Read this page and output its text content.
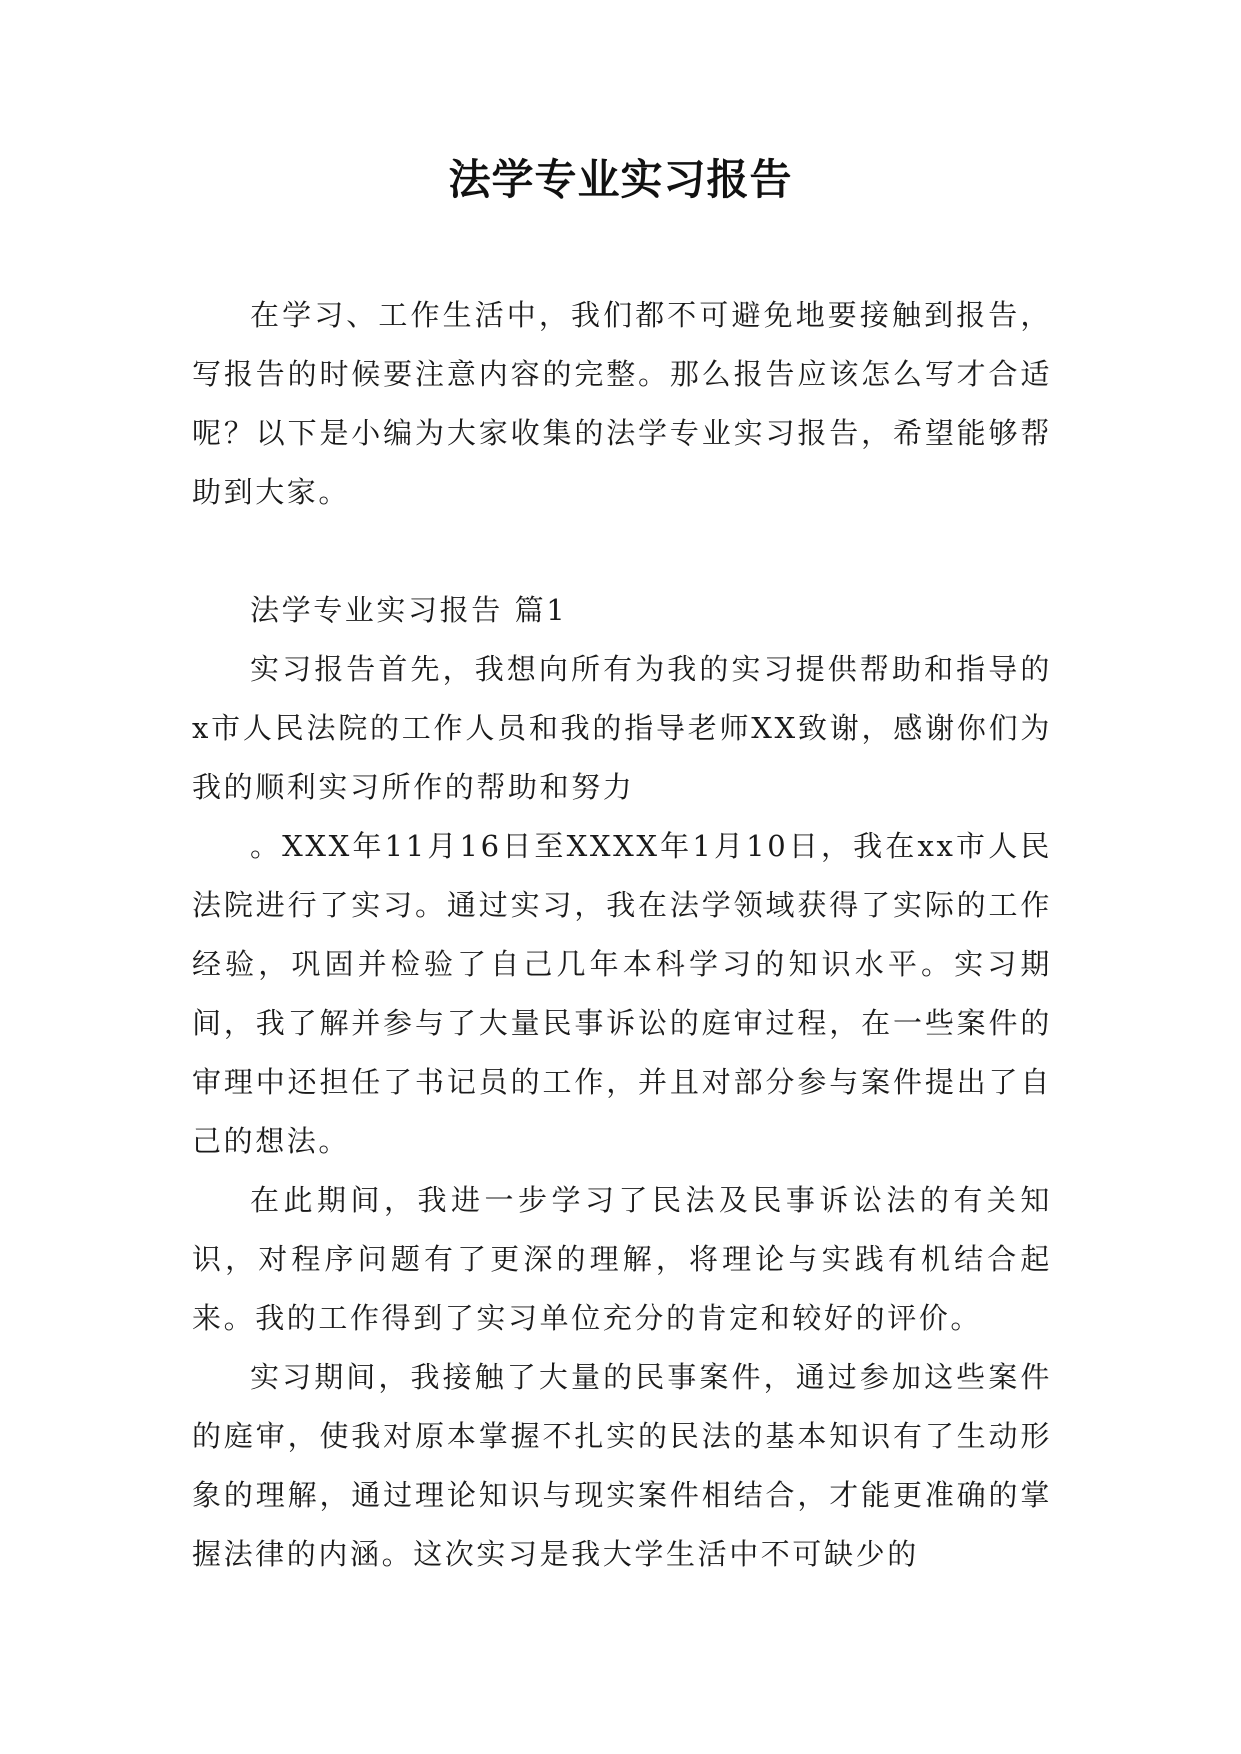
法学专业实习报告

在学习、工作生活中，我们都不可避免地要接触到报告，写报告的时候要注意内容的完整。那么报告应该怎么写才合适呢？以下是小编为大家收集的法学专业实习报告，希望能够帮助到大家。

法学专业实习报告 篇1

实习报告首先，我想向所有为我的实习提供帮助和指导的x市人民法院的工作人员和我的指导老师XX致谢，感谢你们为我的顺利实习所作的帮助和努力

。XXX年11月16日至XXXX年1月10日，我在xx市人民法院进行了实习。通过实习，我在法学领域获得了实际的工作经验，巩固并检验了自己几年本科学习的知识水平。实习期间，我了解并参与了大量民事诉讼的庭审过程，在一些案件的审理中还担任了书记员的工作，并且对部分参与案件提出了自己的想法。

在此期间，我进一步学习了民法及民事诉讼法的有关知识，对程序问题有了更深的理解，将理论与实践有机结合起来。我的工作得到了实习单位充分的肯定和较好的评价。

实习期间，我接触了大量的民事案件，通过参加这些案件的庭审，使我对原本掌握不扎实的民法的基本知识有了生动形象的理解，通过理论知识与现实案件相结合，才能更准确的掌握法律的内涵。这次实习是我大学生活中不可缺少的
